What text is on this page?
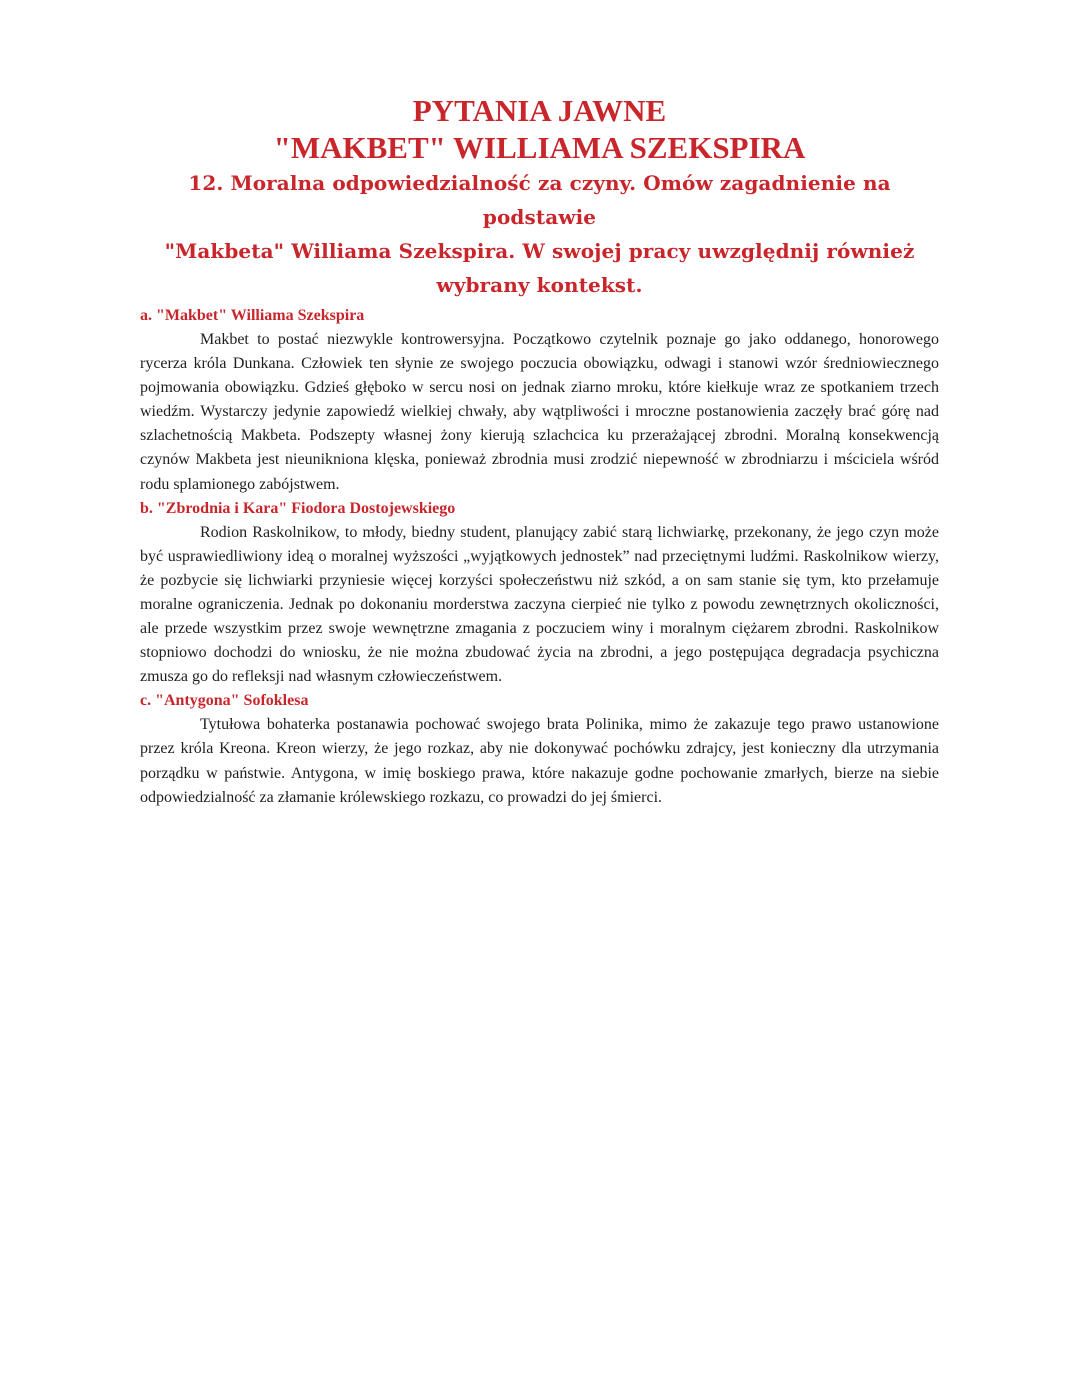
PYTANIA JAWNE
"MAKBET" WILLIAMA SZEKSPIRA
12. Moralna odpowiedzialność za czyny. Omów zagadnienie na podstawie
"Makbeta" Williama Szekspira. W swojej pracy uwzględnij również
wybrany kontekst.
a. "Makbet" Williama Szekspira

Makbet to postać niezwykle kontrowersyjna. Początkowo czytelnik poznaje go jako oddanego, honorowego rycerza króla Dunkana. Człowiek ten słynie ze swojego poczucia obowiązku, odwagi i stanowi wzór średniowiecznego pojmowania obowiązku. Gdzieś głęboko w sercu nosi on jednak ziarno mroku, które kiełkuje wraz ze spotkaniem trzech wiedźm. Wystarczy jedynie zapowiedź wielkiej chwały, aby wątpliwości i mroczne postanowienia zaczęły brać górę nad szlachetnością Makbeta. Podszepty własnej żony kierują szlachcica ku przerażającej zbrodni. Moralną konsekwencją czynów Makbeta jest nieunikniona klęska, ponieważ zbrodnia musi zrodzić niepewność w zbrodniarzu i mściciela wśród rodu splamionego zabójstwem.

b. "Zbrodnia i Kara" Fiodora Dostojewskiego

Rodion Raskolnikow, to młody, biedny student, planujący zabić starą lichwiarkę, przekonany, że jego czyn może być usprawiedliwiony ideą o moralnej wyższości „wyjątkowych jednostek” nad przeciętnymi ludźmi. Raskolnikow wierzy, że pozbycie się lichwiarki przyniesie więcej korzyści społeczeństwu niż szkód, a on sam stanie się tym, kto przełamuje moralne ograniczenia. Jednak po dokonaniu morderstwa zaczyna cierpieć nie tylko z powodu zewnętrznych okoliczności, ale przede wszystkim przez swoje wewnętrzne zmagania z poczuciem winy i moralnym ciężarem zbrodni. Raskolnikow stopniowo dochodzi do wniosku, że nie można zbudować życia na zbrodni, a jego postępująca degradacja psychiczna zmusza go do refleksji nad własnym człowieczeństwem.

c. "Antygona" Sofoklesa

Tytułowa bohaterka postanawia pochować swojego brata Polinika, mimo że zakazuje tego prawo ustanowione przez króla Kreona. Kreon wierzy, że jego rozkaz, aby nie dokonywać pochówku zdrajcy, jest konieczny dla utrzymania porządku w państwie. Antygona, w imię boskiego prawa, które nakazuje godne pochowanie zmarłych, bierze na siebie odpowiedzialność za złamanie królewskiego rozkazu, co prowadzi do jej śmierci.
